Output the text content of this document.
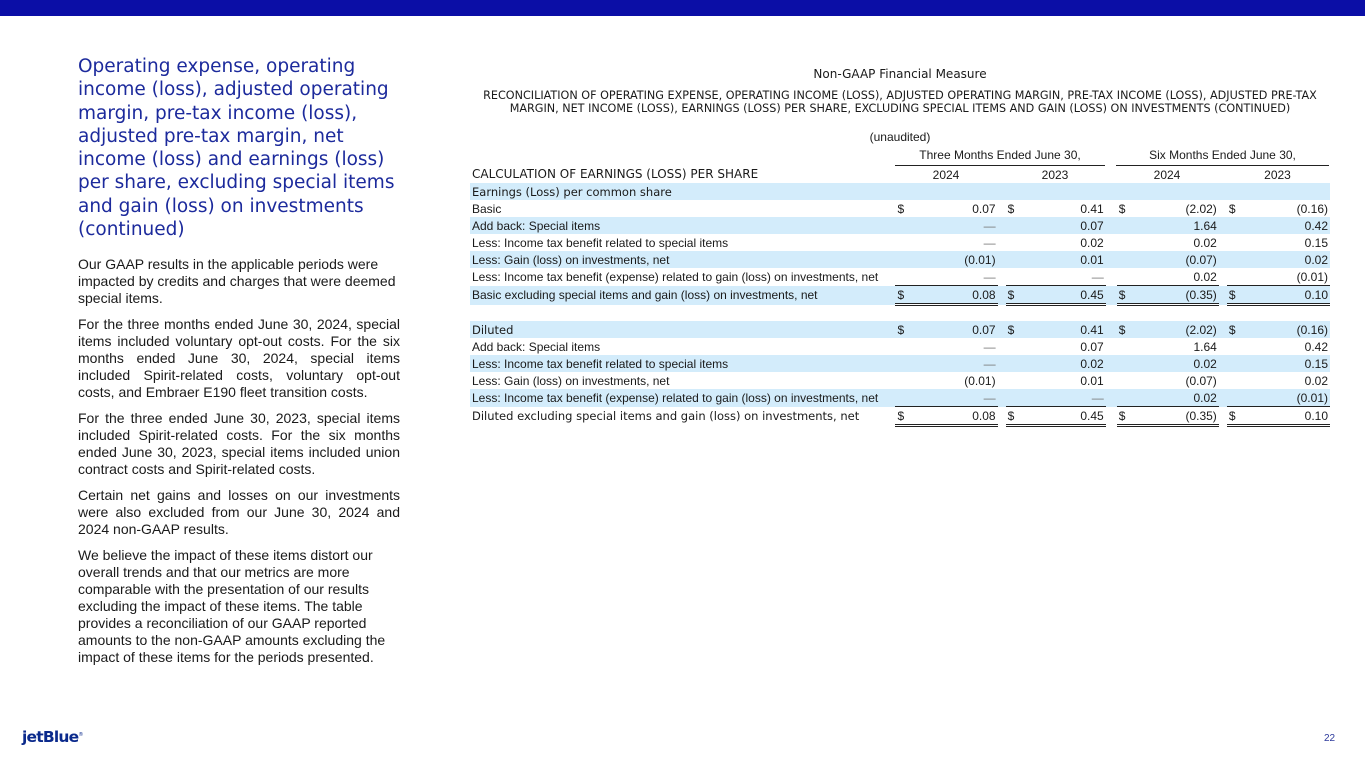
Operating expense, operating income (loss), adjusted operating margin, pre-tax income (loss), adjusted pre-tax margin, net income (loss) and earnings (loss) per share, excluding special items and gain (loss) on investments (continued)

Our GAAP results in the applicable periods were impacted by credits and charges that were deemed special items.

For the three months ended June 30, 2024, special items included voluntary opt-out costs. For the six months ended June 30, 2024, special items included Spirit-related costs, voluntary opt-out costs, and Embraer E190 fleet transition costs.

For the three ended June 30, 2023, special items included Spirit-related costs. For the six months ended June 30, 2023, special items included union contract costs and Spirit-related costs.

Certain net gains and losses on our investments were also excluded from our June 30, 2024 and 2024 non-GAAP results.

We believe the impact of these items distort our overall trends and that our metrics are more comparable with the presentation of our results excluding the impact of these items. The table provides a reconciliation of our GAAP reported amounts to the non-GAAP amounts excluding the impact of these items for the periods presented.

Non-GAAP Financial Measure
RECONCILIATION OF OPERATING EXPENSE, OPERATING INCOME (LOSS), ADJUSTED OPERATING MARGIN, PRE-TAX INCOME (LOSS), ADJUSTED PRE-TAX MARGIN, NET INCOME (LOSS), EARNINGS (LOSS) PER SHARE, EXCLUDING SPECIAL ITEMS AND GAIN (LOSS) ON INVESTMENTS (CONTINUED)
(unaudited)
Three Months Ended June 30,	Six Months Ended June 30,
CALCULATION OF EARNINGS (LOSS) PER SHARE	2024	2023	2024	2023
Earnings (Loss) per common share											
Basic	$	0.07		$	0.41		$	(2.02)		$	(0.16)
Add back: Special items		—			0.07			1.64			0.42
Less: Income tax benefit related to special items		—			0.02			0.02			0.15
Less: Gain (loss) on investments, net		(0.01)			0.01			(0.07)			0.02
Less: Income tax benefit (expense) related to gain (loss) on investments, net		—			—			0.02			(0.01)
Basic excluding special items and gain (loss) on investments, net	$	0.08		$	0.45		$	(0.35)		$	0.10

Diluted	$	0.07		$	0.41		$	(2.02)		$	(0.16)
Add back: Special items		—			0.07			1.64			0.42
Less: Income tax benefit related to special items		—			0.02			0.02			0.15
Less: Gain (loss) on investments, net		(0.01)			0.01			(0.07)			0.02
Less: Income tax benefit (expense) related to gain (loss) on investments, net		—			—			0.02			(0.01)
Diluted excluding special items and gain (loss) on investments, net	$	0.08		$	0.45		$	(0.35)		$	0.10
jetBlue®	22
